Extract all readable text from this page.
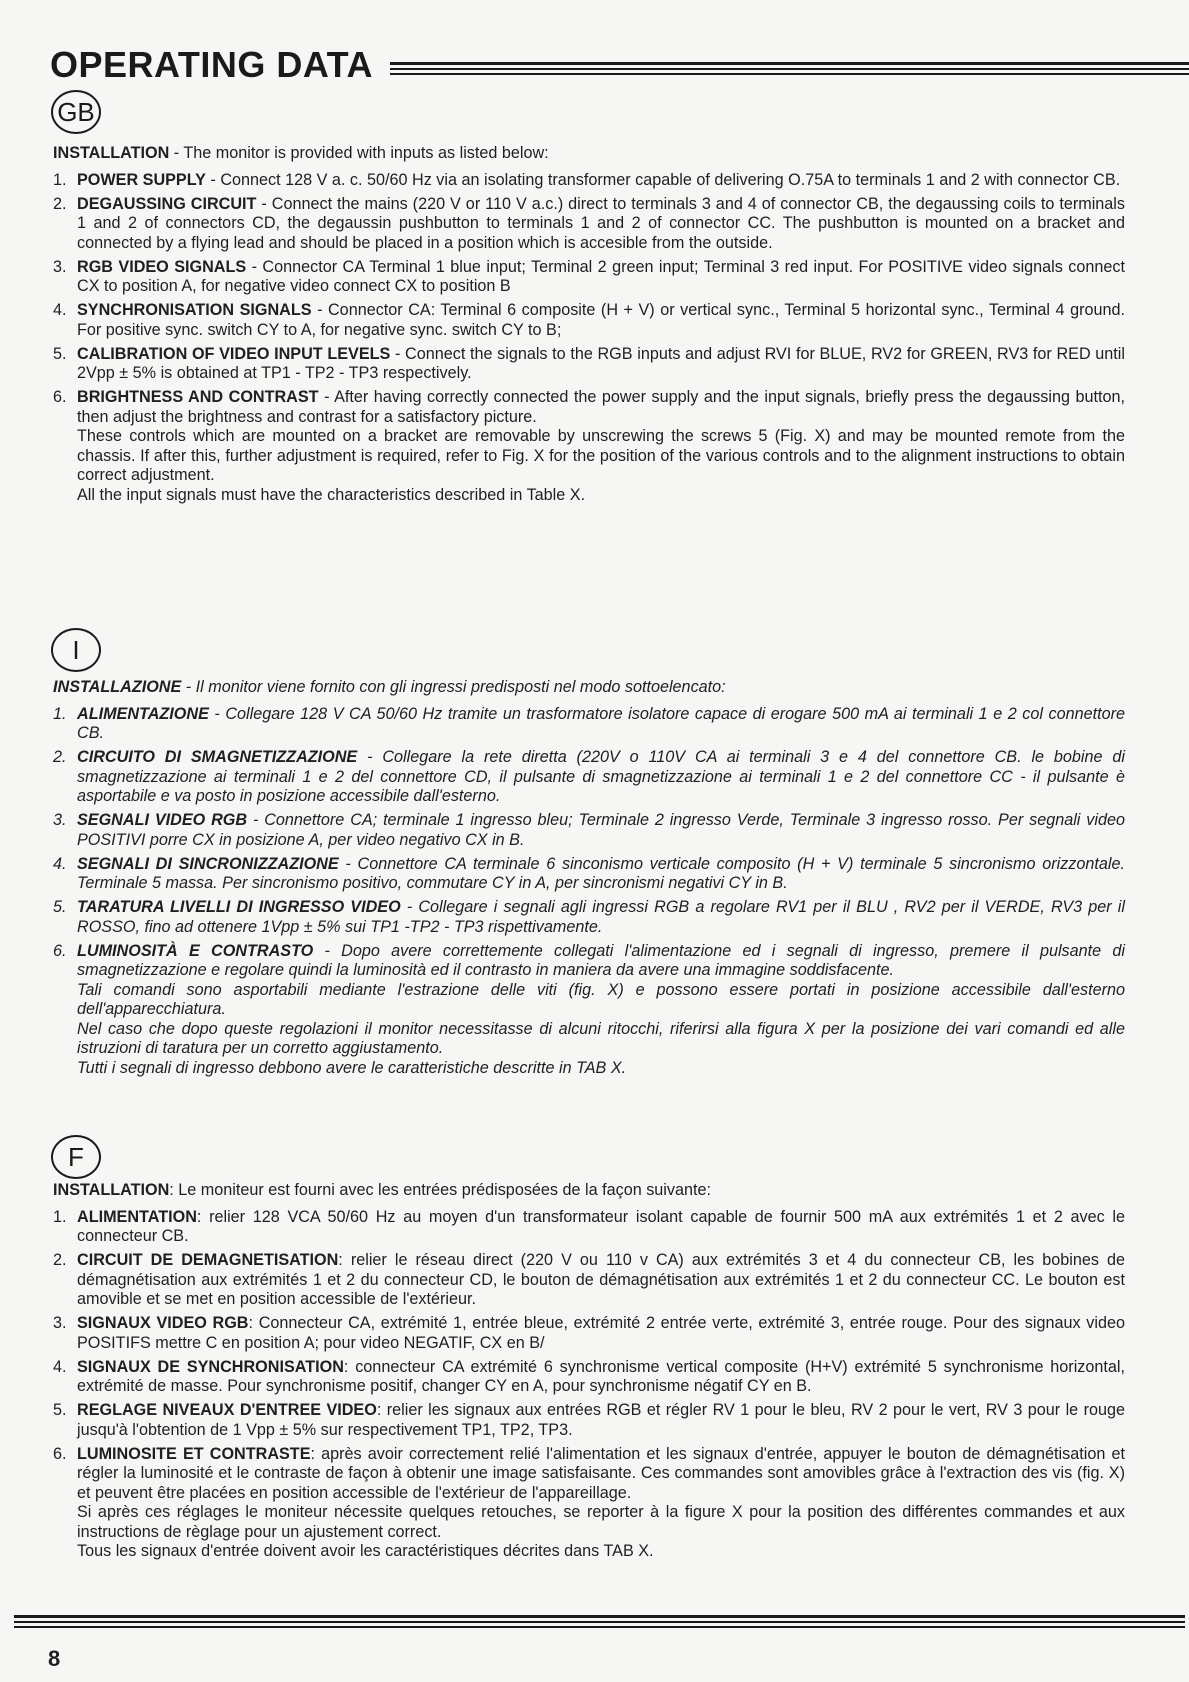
OPERATING DATA
GB

INSTALLATION - The monitor is provided with inputs as listed below:

1. POWER SUPPLY - Connect 128 V a. c. 50/60 Hz via an isolating transformer capable of delivering O.75A to terminals 1 and 2 with connector CB.

2. DEGAUSSING CIRCUIT - Connect the mains (220 V or 110 V a.c.) direct to terminals 3 and 4 of connector CB, the degaussing coils to terminals 1 and 2 of connectors CD, the degaussin pushbutton to terminals 1 and 2 of connector CC. The pushbutton is mounted on a bracket and connected by a flying lead and should be placed in a position which is accesible from the outside.

3. RGB VIDEO SIGNALS - Connector CA Terminal 1 blue input; Terminal 2 green input; Terminal 3 red input. For POSITIVE video signals connect CX to position A, for negative video connect CX to position B

4. SYNCHRONISATION SIGNALS - Connector CA: Terminal 6 composite (H + V) or vertical sync., Terminal 5 horizontal sync., Terminal 4 ground. For positive sync. switch CY to A, for negative sync. switch CY to B;

5. CALIBRATION OF VIDEO INPUT LEVELS - Connect the signals to the RGB inputs and adjust RVI for BLUE, RV2 for GREEN, RV3 for RED until 2Vpp ± 5% is obtained at TP1 - TP2 - TP3 respectively.

6. BRIGHTNESS AND CONTRAST - After having correctly connected the power supply and the input signals, briefly press the degaussing button, then adjust the brightness and contrast for a satisfactory picture.

These controls which are mounted on a bracket are removable by unscrewing the screws 5 (Fig. X) and may be mounted remote from the chassis. If after this, further adjustment is required, refer to Fig. X for the position of the various controls and to the alignment instructions to obtain correct adjustment.

All the input signals must have the characteristics described in Table X.

I

INSTALLAZIONE - Il monitor viene fornito con gli ingressi predisposti nel modo sottoelencato:

1. ALIMENTAZIONE - Collegare 128 V CA 50/60 Hz tramite un trasformatore isolatore capace di erogare 500 mA ai terminali 1 e 2 col connettore CB.

2. CIRCUITO DI SMAGNETIZZAZIONE - Collegare la rete diretta (220V o 110V CA ai terminali 3 e 4 del connettore CB. le bobine di smagnetizzazione ai terminali 1 e 2 del connettore CD, il pulsante di smagnetizzazione ai terminali 1 e 2 del connettore CC - il pulsante è asportabile e va posto in posizione accessibile dall'esterno.

3. SEGNALI VIDEO RGB - Connettore CA; terminale 1 ingresso bleu; Terminale 2 ingresso Verde, Terminale 3 ingresso rosso. Per segnali video POSITIVI porre CX in posizione A, per video negativo CX in B.

4. SEGNALI DI SINCRONIZZAZIONE - Connettore CA terminale 6 sinconismo verticale composito (H + V) terminale 5 sincronismo orizzontale. Terminale 5 massa. Per sincronismo positivo, commutare CY in A, per sincronismi negativi CY in B.

5. TARATURA LIVELLI DI INGRESSO VIDEO - Collegare i segnali agli ingressi RGB a regolare RV1 per il BLU , RV2 per il VERDE, RV3 per il ROSSO, fino ad ottenere 1Vpp ± 5% sui TP1 -TP2 - TP3 rispettivamente.

6. LUMINOSITÀ E CONTRASTO - Dopo avere correttemente collegati l'alimentazione ed i segnali di ingresso, premere il pulsante di smagnetizzazione e regolare quindi la luminosità ed il contrasto in maniera da avere una immagine soddisfacente.

Tali comandi sono asportabili mediante l'estrazione delle viti (fig. X) e possono essere portati in posizione accessibile dall'esterno dell'apparecchiatura.

Nel caso che dopo queste regolazioni il monitor necessitasse di alcuni ritocchi, riferirsi alla figura X per la posizione dei vari comandi ed alle istruzioni di taratura per un corretto aggiustamento.

Tutti i segnali di ingresso debbono avere le caratteristiche descritte in TAB X.

F

INSTALLATION: Le moniteur est fourni avec les entrées prédisposées de la façon suivante:

1. ALIMENTATION: relier 128 VCA 50/60 Hz au moyen d'un transformateur isolant capable de fournir 500 mA aux extrémités 1 et 2 avec le connecteur CB.

2. CIRCUIT DE DEMAGNETISATION: relier le réseau direct (220 V ou 110 v CA) aux extrémités 3 et 4 du connecteur CB, les bobines de démagnétisation aux extrémités 1 et 2 du connecteur CD, le bouton de démagnétisation aux extrémités 1 et 2 du connecteur CC. Le bouton est amovible et se met en position accessible de l'extérieur.

3. SIGNAUX VIDEO RGB: Connecteur CA, extrémité 1, entrée bleue, extrémité 2 entrée verte, extrémité 3, entrée rouge. Pour des signaux video POSITIFS mettre C en position A; pour video NEGATIF, CX en B/

4. SIGNAUX DE SYNCHRONISATION: connecteur CA extrémité 6 synchronisme vertical composite (H+V) extrémité 5 synchronisme horizontal, extrémité de masse. Pour synchronisme positif, changer CY en A, pour synchronisme négatif CY en B.

5. REGLAGE NIVEAUX D'ENTREE VIDEO: relier les signaux aux entrées RGB et régler RV 1 pour le bleu, RV 2 pour le vert, RV 3 pour le rouge jusqu'à l'obtention de 1 Vpp ± 5% sur respectivement TP1, TP2, TP3.

6. LUMINOSITE ET CONTRASTE: après avoir correctement relié l'alimentation et les signaux d'entrée, appuyer le bouton de démagnétisation et régler la luminosité et le contraste de façon à obtenir une image satisfaisante. Ces commandes sont amovibles grâce à l'extraction des vis (fig. X) et peuvent être placées en position accessible de l'extérieur de l'appareillage.

Si après ces réglages le moniteur nécessite quelques retouches, se reporter à la figure X pour la position des différentes commandes et aux instructions de règlage pour un ajustement correct.

Tous les signaux d'entrée doivent avoir les caractéristiques décrites dans TAB X.

8
